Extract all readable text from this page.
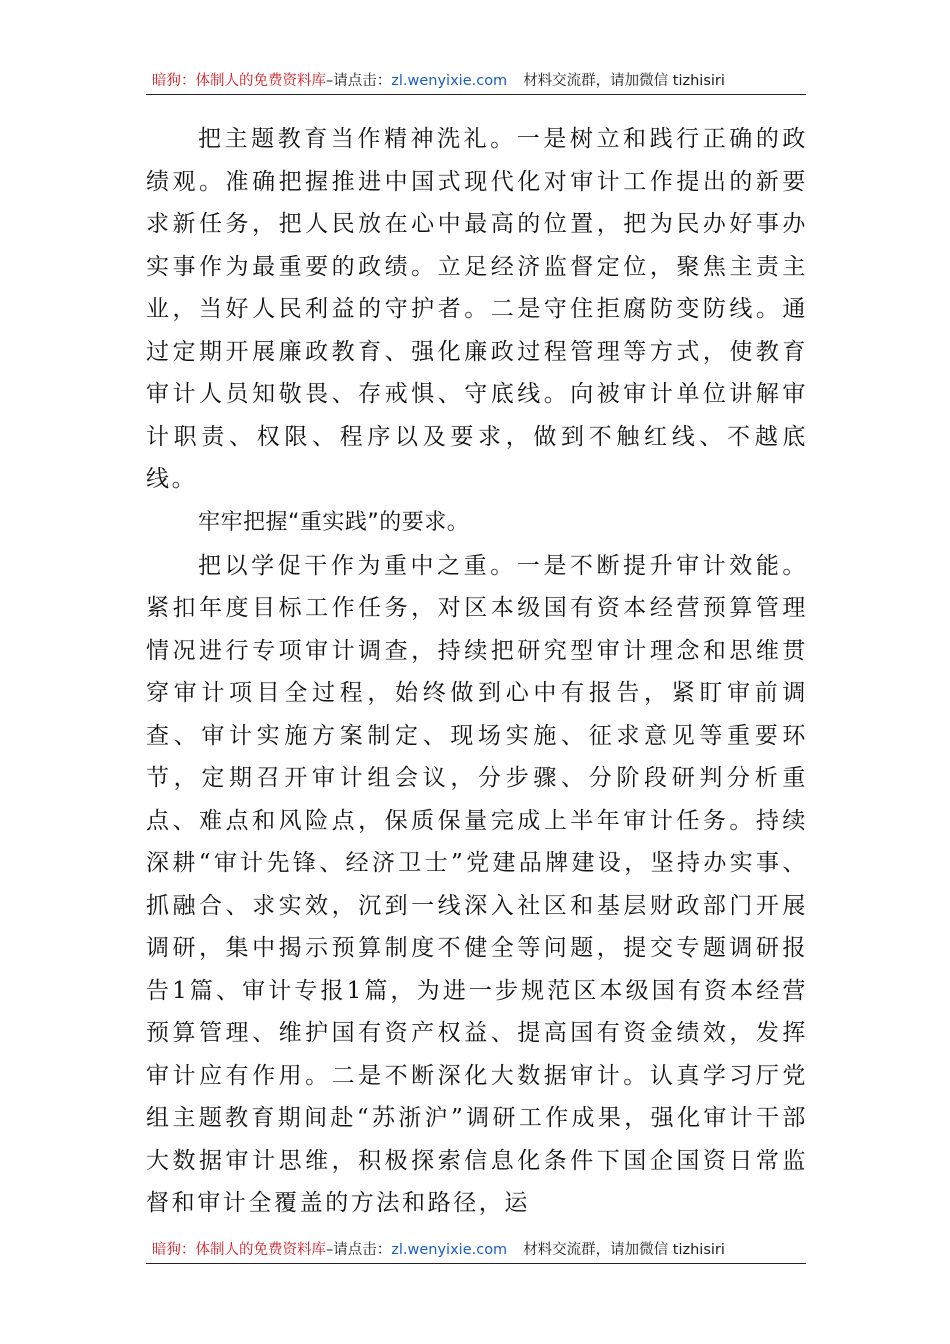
暗狗：体制人的免费资料库–请点击：zl.wenyixie.com 材料交流群，请加微信 tizhisiri

把主题教育当作精神洗礼。一是树立和践行正确的政绩观。准确把握推进中国式现代化对审计工作提出的新要求新任务，把人民放在心中最高的位置，把为民办好事办实事作为最重要的政绩。立足经济监督定位，聚焦主责主业，当好人民利益的守护者。二是守住拒腐防变防线。通过定期开展廉政教育、强化廉政过程管理等方式，使教育审计人员知敬畏、存戒惧、守底线。向被审计单位讲解审计职责、权限、程序以及要求，做到不触红线、不越底线。

牢牢把握“重实践”的要求。

把以学促干作为重中之重。一是不断提升审计效能。紧扣年度目标工作任务，对区本级国有资本经营预算管理情况进行专项审计调查，持续把研究型审计理念和思维贯穿审计项目全过程，始终做到心中有报告，紧盯审前调查、审计实施方案制定、现场实施、征求意见等重要环节，定期召开审计组会议，分步骤、分阶段研判分析重点、难点和风险点，保质保量完成上半年审计任务。持续深耕“审计先锋、经济卫士”党建品牌建设，坚持办实事、抓融合、求实效，沉到一线深入社区和基层财政部门开展调研，集中揭示预算制度不健全等问题，提交专题调研报告1篇、审计专报1篇，为进一步规范区本级国有资本经营预算管理、维护国有资产权益、提高国有资金绩效，发挥审计应有作用。二是不断深化大数据审计。认真学习厅党组主题教育期间赴“苏浙沪”调研工作成果，强化审计干部大数据审计思维，积极探索信息化条件下国企国资日常监督和审计全覆盖的方法和路径，运

暗狗：体制人的免费资料库–请点击：zl.wenyixie.com 材料交流群，请加微信 tizhisiri
